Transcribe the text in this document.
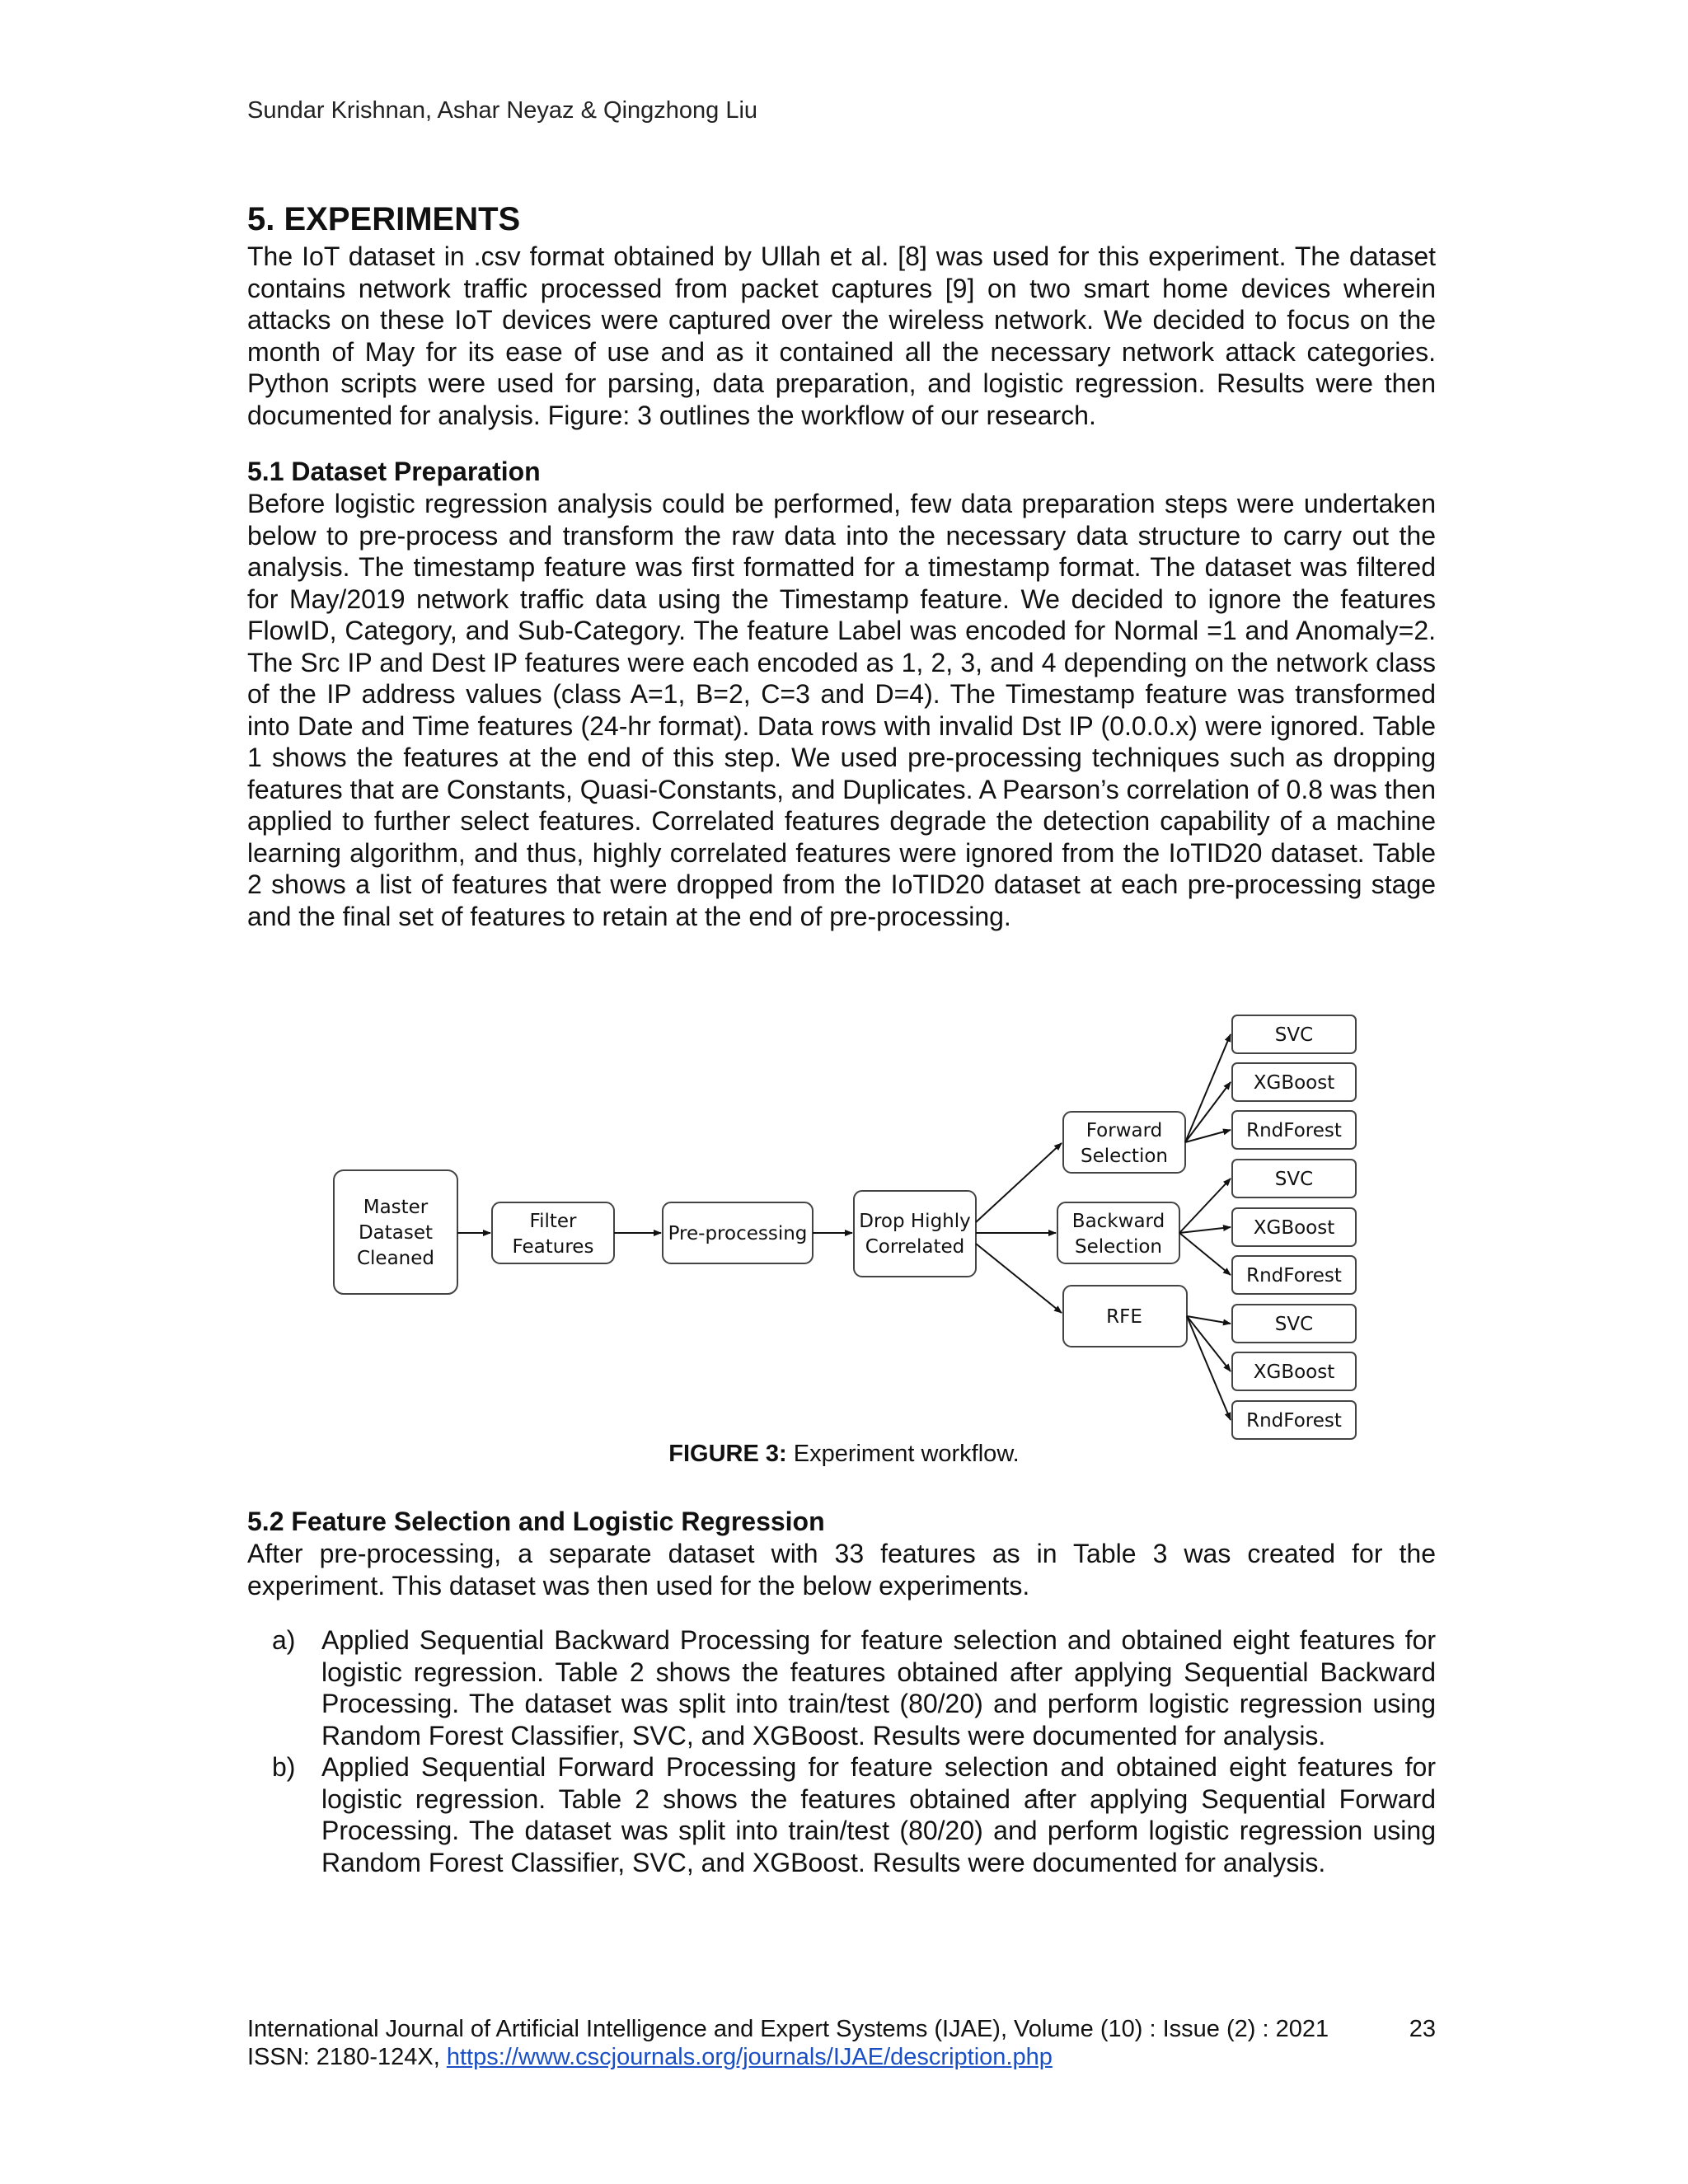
Sundar Krishnan, Ashar Neyaz & Qingzhong Liu

5. EXPERIMENTS

The IoT dataset in .csv format obtained by Ullah et al. [8] was used for this experiment. The dataset contains network traffic processed from packet captures [9] on two smart home devices wherein attacks on these IoT devices were captured over the wireless network. We decided to focus on the month of May for its ease of use and as it contained all the necessary network attack categories. Python scripts were used for parsing, data preparation, and logistic regression. Results were then documented for analysis. Figure: 3 outlines the workflow of our research.

5.1 Dataset Preparation

Before logistic regression analysis could be performed, few data preparation steps were undertaken below to pre-process and transform the raw data into the necessary data structure to carry out the analysis. The timestamp feature was first formatted for a timestamp format. The dataset was filtered for May/2019 network traffic data using the Timestamp feature. We decided to ignore the features FlowID, Category, and Sub-Category. The feature Label was encoded for Normal =1 and Anomaly=2. The Src IP and Dest IP features were each encoded as 1, 2, 3, and 4 depending on the network class of the IP address values (class A=1, B=2, C=3 and D=4). The Timestamp feature was transformed into Date and Time features (24-hr format). Data rows with invalid Dst IP (0.0.0.x) were ignored. Table 1 shows the features at the end of this step. We used pre-processing techniques such as dropping features that are Constants, Quasi-Constants, and Duplicates. A Pearson’s correlation of 0.8 was then applied to further select features. Correlated features degrade the detection capability of a machine learning algorithm, and thus, highly correlated features were ignored from the IoTID20 dataset. Table 2 shows a list of features that were dropped from the IoTID20 dataset at each pre-processing stage and the final set of features to retain at the end of pre-processing.

Master
Dataset
Cleaned
Filter
Features
Pre-processing
Drop Highly
Correlated
Forward
Selection
Backward
Selection
RFE
SVC
XGBoost
RndForest
SVC
XGBoost
RndForest
SVC
XGBoost
RndForest
FIGURE 3: Experiment workflow.

5.2 Feature Selection and Logistic Regression

After pre-processing, a separate dataset with 33 features as in Table 3 was created for the experiment. This dataset was then used for the below experiments.

a) Applied Sequential Backward Processing for feature selection and obtained eight features for logistic regression. Table 2 shows the features obtained after applying Sequential Backward Processing. The dataset was split into train/test (80/20) and perform logistic regression using Random Forest Classifier, SVC, and XGBoost. Results were documented for analysis.
b) Applied Sequential Forward Processing for feature selection and obtained eight features for logistic regression. Table 2 shows the features obtained after applying Sequential Forward Processing. The dataset was split into train/test (80/20) and perform logistic regression using Random Forest Classifier, SVC, and XGBoost. Results were documented for analysis.
International Journal of Artificial Intelligence and Expert Systems (IJAE), Volume (10) : Issue (2) : 2021	23
ISSN: 2180-124X, https://www.cscjournals.org/journals/IJAE/description.php
